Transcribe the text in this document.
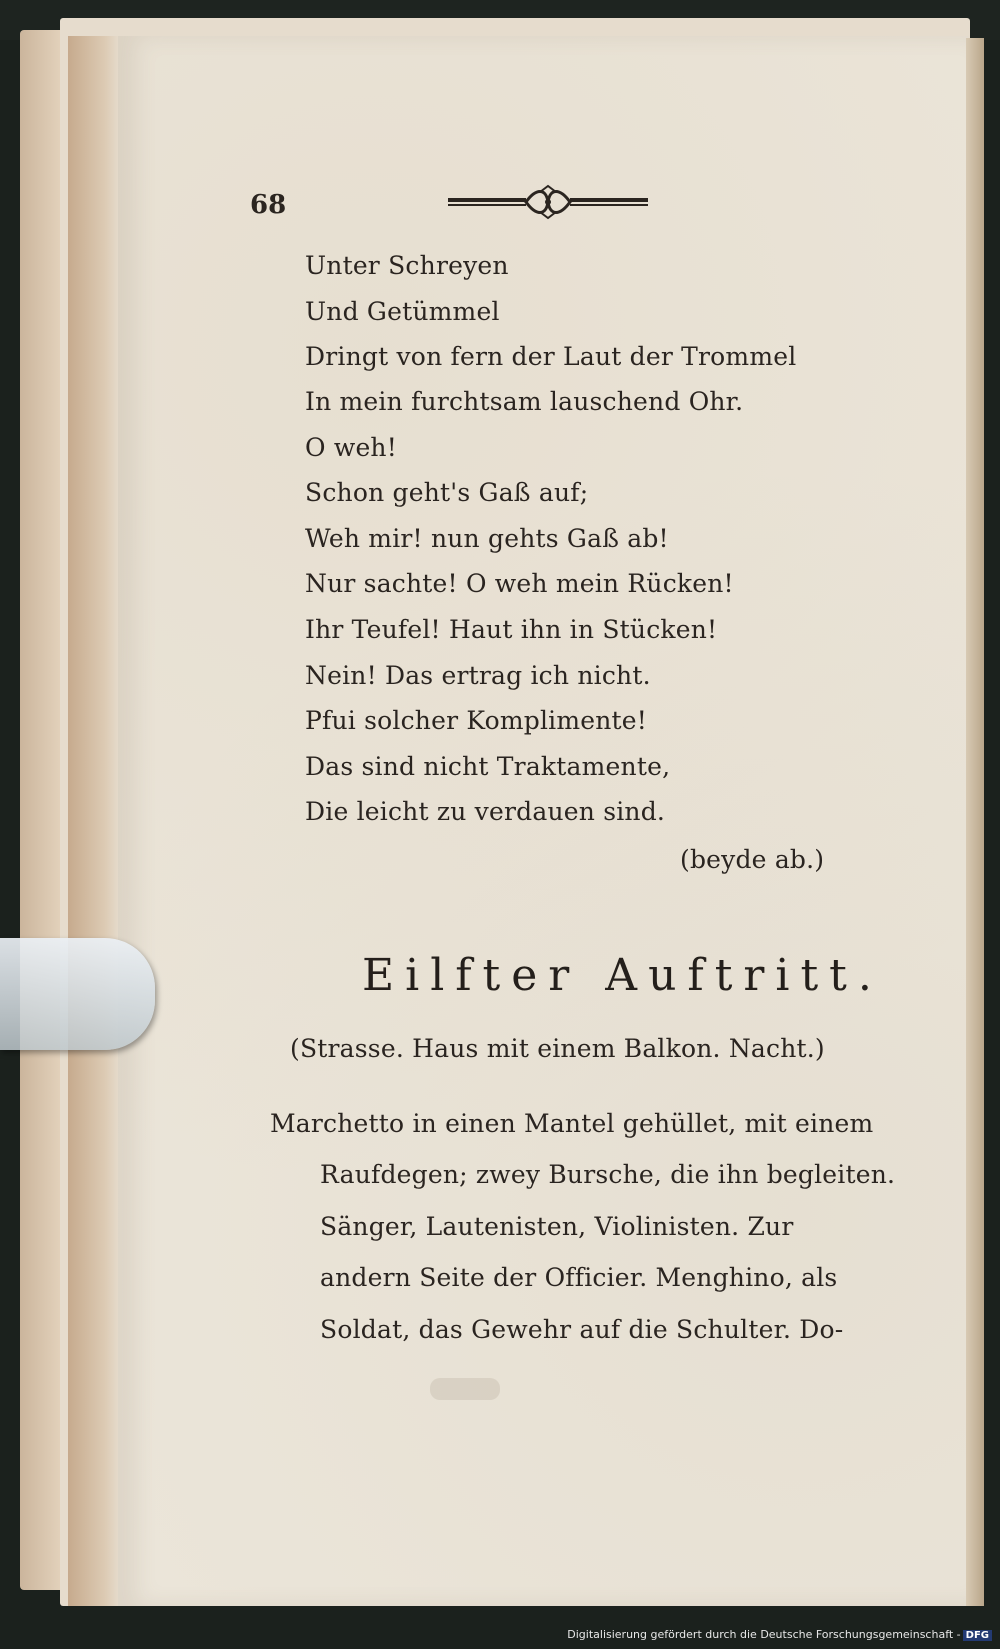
68
Unter Schreyen
Und Getümmel
Dringt von fern der Laut der Trommel
In mein furchtsam lauschend Ohr.
O weh!
Schon geht's Gaß auf;
Weh mir! nun gehts Gaß ab!
Nur sachte! O weh mein Rücken!
Ihr Teufel! Haut ihn in Stücken!
Nein! Das ertrag ich nicht.
Pfui solcher Komplimente!
Das sind nicht Traktamente,
Die leicht zu verdauen sind.
(beyde ab.)
Eilfter Auftritt.
(Strasse. Haus mit einem Balkon. Nacht.)
Marchetto in einen Mantel gehüllet, mit einem
Raufdegen; zwey Bursche, die ihn begleiten.
Sänger, Lautenisten, Violinisten. Zur
andern Seite der Officier. Menghino, als
Soldat, das Gewehr auf die Schulter. Do-
Digitalisierung gefördert durch die Deutsche Forschungsgemeinschaft - DFG
